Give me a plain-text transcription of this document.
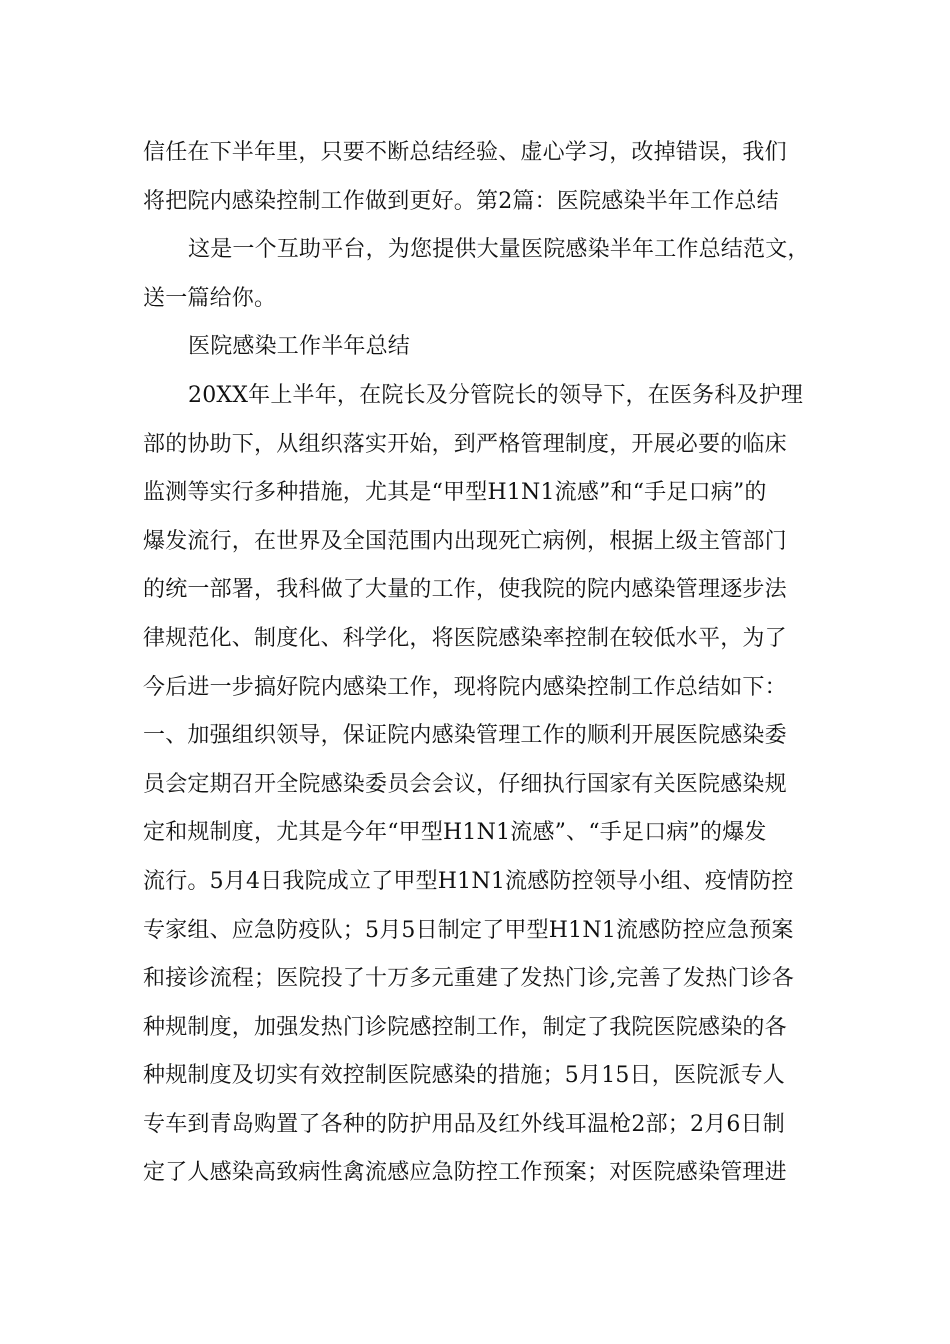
信任在下半年里，只要不断总结经验、虚心学习，改掉错误，我们
将把院内感染控制工作做到更好。第2篇：医院感染半年工作总结
这是一个互助平台，为您提供大量医院感染半年工作总结范文，
送一篇给你。
医院感染工作半年总结
20XX年上半年，在院长及分管院长的领导下，在医务科及护理
部的协助下，从组织落实开始，到严格管理制度，开展必要的临床
监测等实行多种措施，尤其是“甲型H1N1流感”和“手足口病”的
爆发流行，在世界及全国范围内出现死亡病例，根据上级主管部门
的统一部署，我科做了大量的工作，使我院的院内感染管理逐步法
律规范化、制度化、科学化，将医院感染率控制在较低水平，为了
今后进一步搞好院内感染工作，现将院内感染控制工作总结如下：
一、加强组织领导，保证院内感染管理工作的顺利开展医院感染委
员会定期召开全院感染委员会会议，仔细执行国家有关医院感染规
定和规制度，尤其是今年“甲型H1N1流感”、“手足口病”的爆发
流行。5月4日我院成立了甲型H1N1流感防控领导小组、疫情防控
专家组、应急防疫队；5月5日制定了甲型H1N1流感防控应急预案
和接诊流程；医院投了十万多元重建了发热门诊,完善了发热门诊各
种规制度，加强发热门诊院感控制工作，制定了我院医院感染的各
种规制度及切实有效控制医院感染的措施；5月15日，医院派专人
专车到青岛购置了各种的防护用品及红外线耳温枪2部；2月6日制
定了人感染高致病性禽流感应急防控工作预案；对医院感染管理进
